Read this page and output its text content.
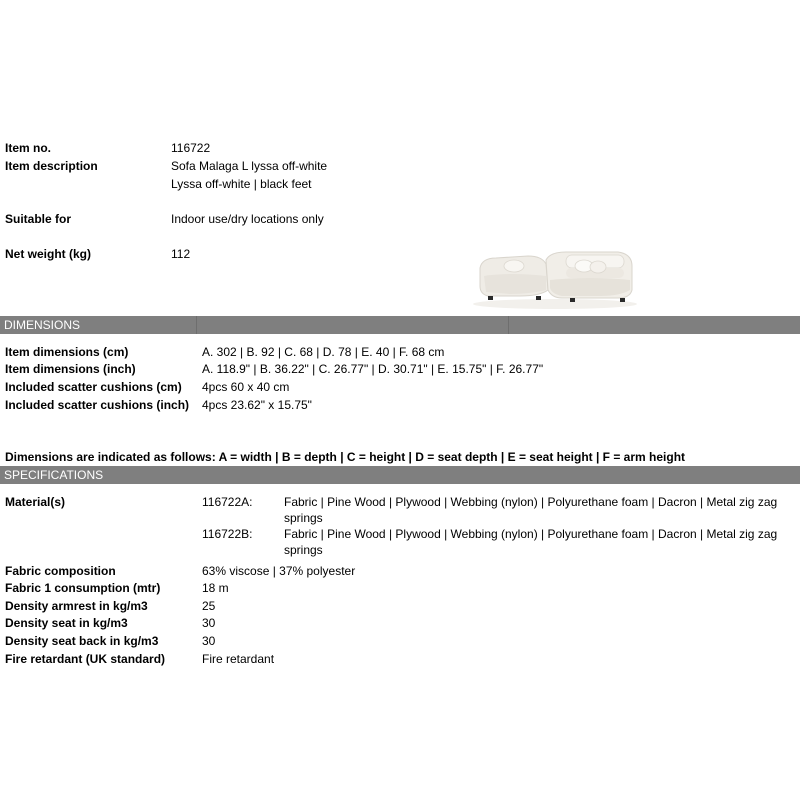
Item no.	116722
Item description	Sofa Malaga L lyssa off-white
Lyssa off-white | black feet
Suitable for	Indoor use/dry locations only
Net weight (kg)	112
DIMENSIONS
Item dimensions (cm)	A. 302 | B. 92 | C. 68 | D. 78 | E. 40 | F. 68 cm
Item dimensions (inch)	A. 118.9" | B. 36.22" | C. 26.77" | D. 30.71" | E. 15.75" | F. 26.77"
Included scatter cushions (cm) 4pcs 60 x 40 cm
Included scatter cushions (inch) 4pcs 23.62" x 15.75"
Dimensions are indicated as follows: A = width | B = depth | C = height | D = seat depth | E = seat height | F = arm height
SPECIFICATIONS
Material(s)	116722A:	Fabric | Pine Wood | Plywood | Webbing (nylon) | Polyurethane foam | Dacron | Metal zig zag springs
116722B:	Fabric | Pine Wood | Plywood | Webbing (nylon) | Polyurethane foam | Dacron | Metal zig zag springs
Fabric composition	63% viscose | 37% polyester
Fabric 1 consumption (mtr)	18 m
Density armrest in kg/m3	25
Density seat in kg/m3	30
Density seat back in kg/m3	30
Fire retardant (UK standard)	Fire retardant
